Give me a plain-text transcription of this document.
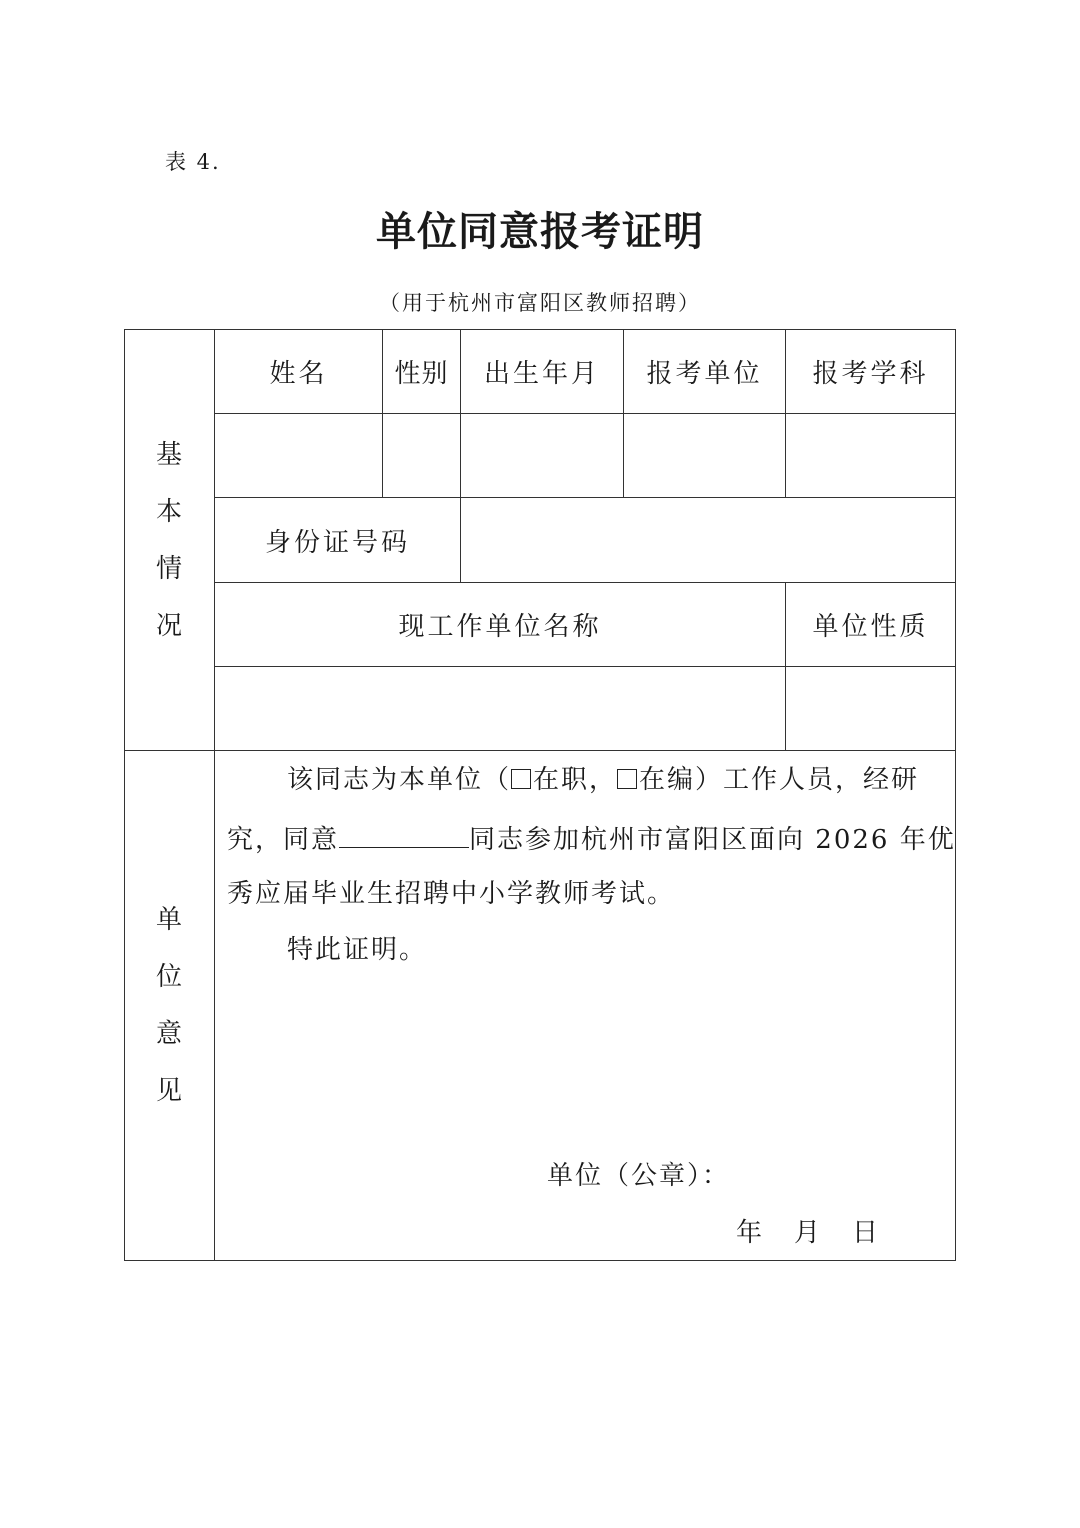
表 4.
单位同意报考证明
（用于杭州市富阳区教师招聘）
基
本
情
况
单
位
意
见
姓名	性别	出生年月	报考单位	报考学科
身份证号码
现工作单位名称	单位性质
该同志为本单位（ 在职， 在编）工作人员，经研
究，同意	同志参加杭州市富阳区面向 2026 年优
秀应届毕业生招聘中小学教师考试。
特此证明。
单位（公章）：
年 月 日
